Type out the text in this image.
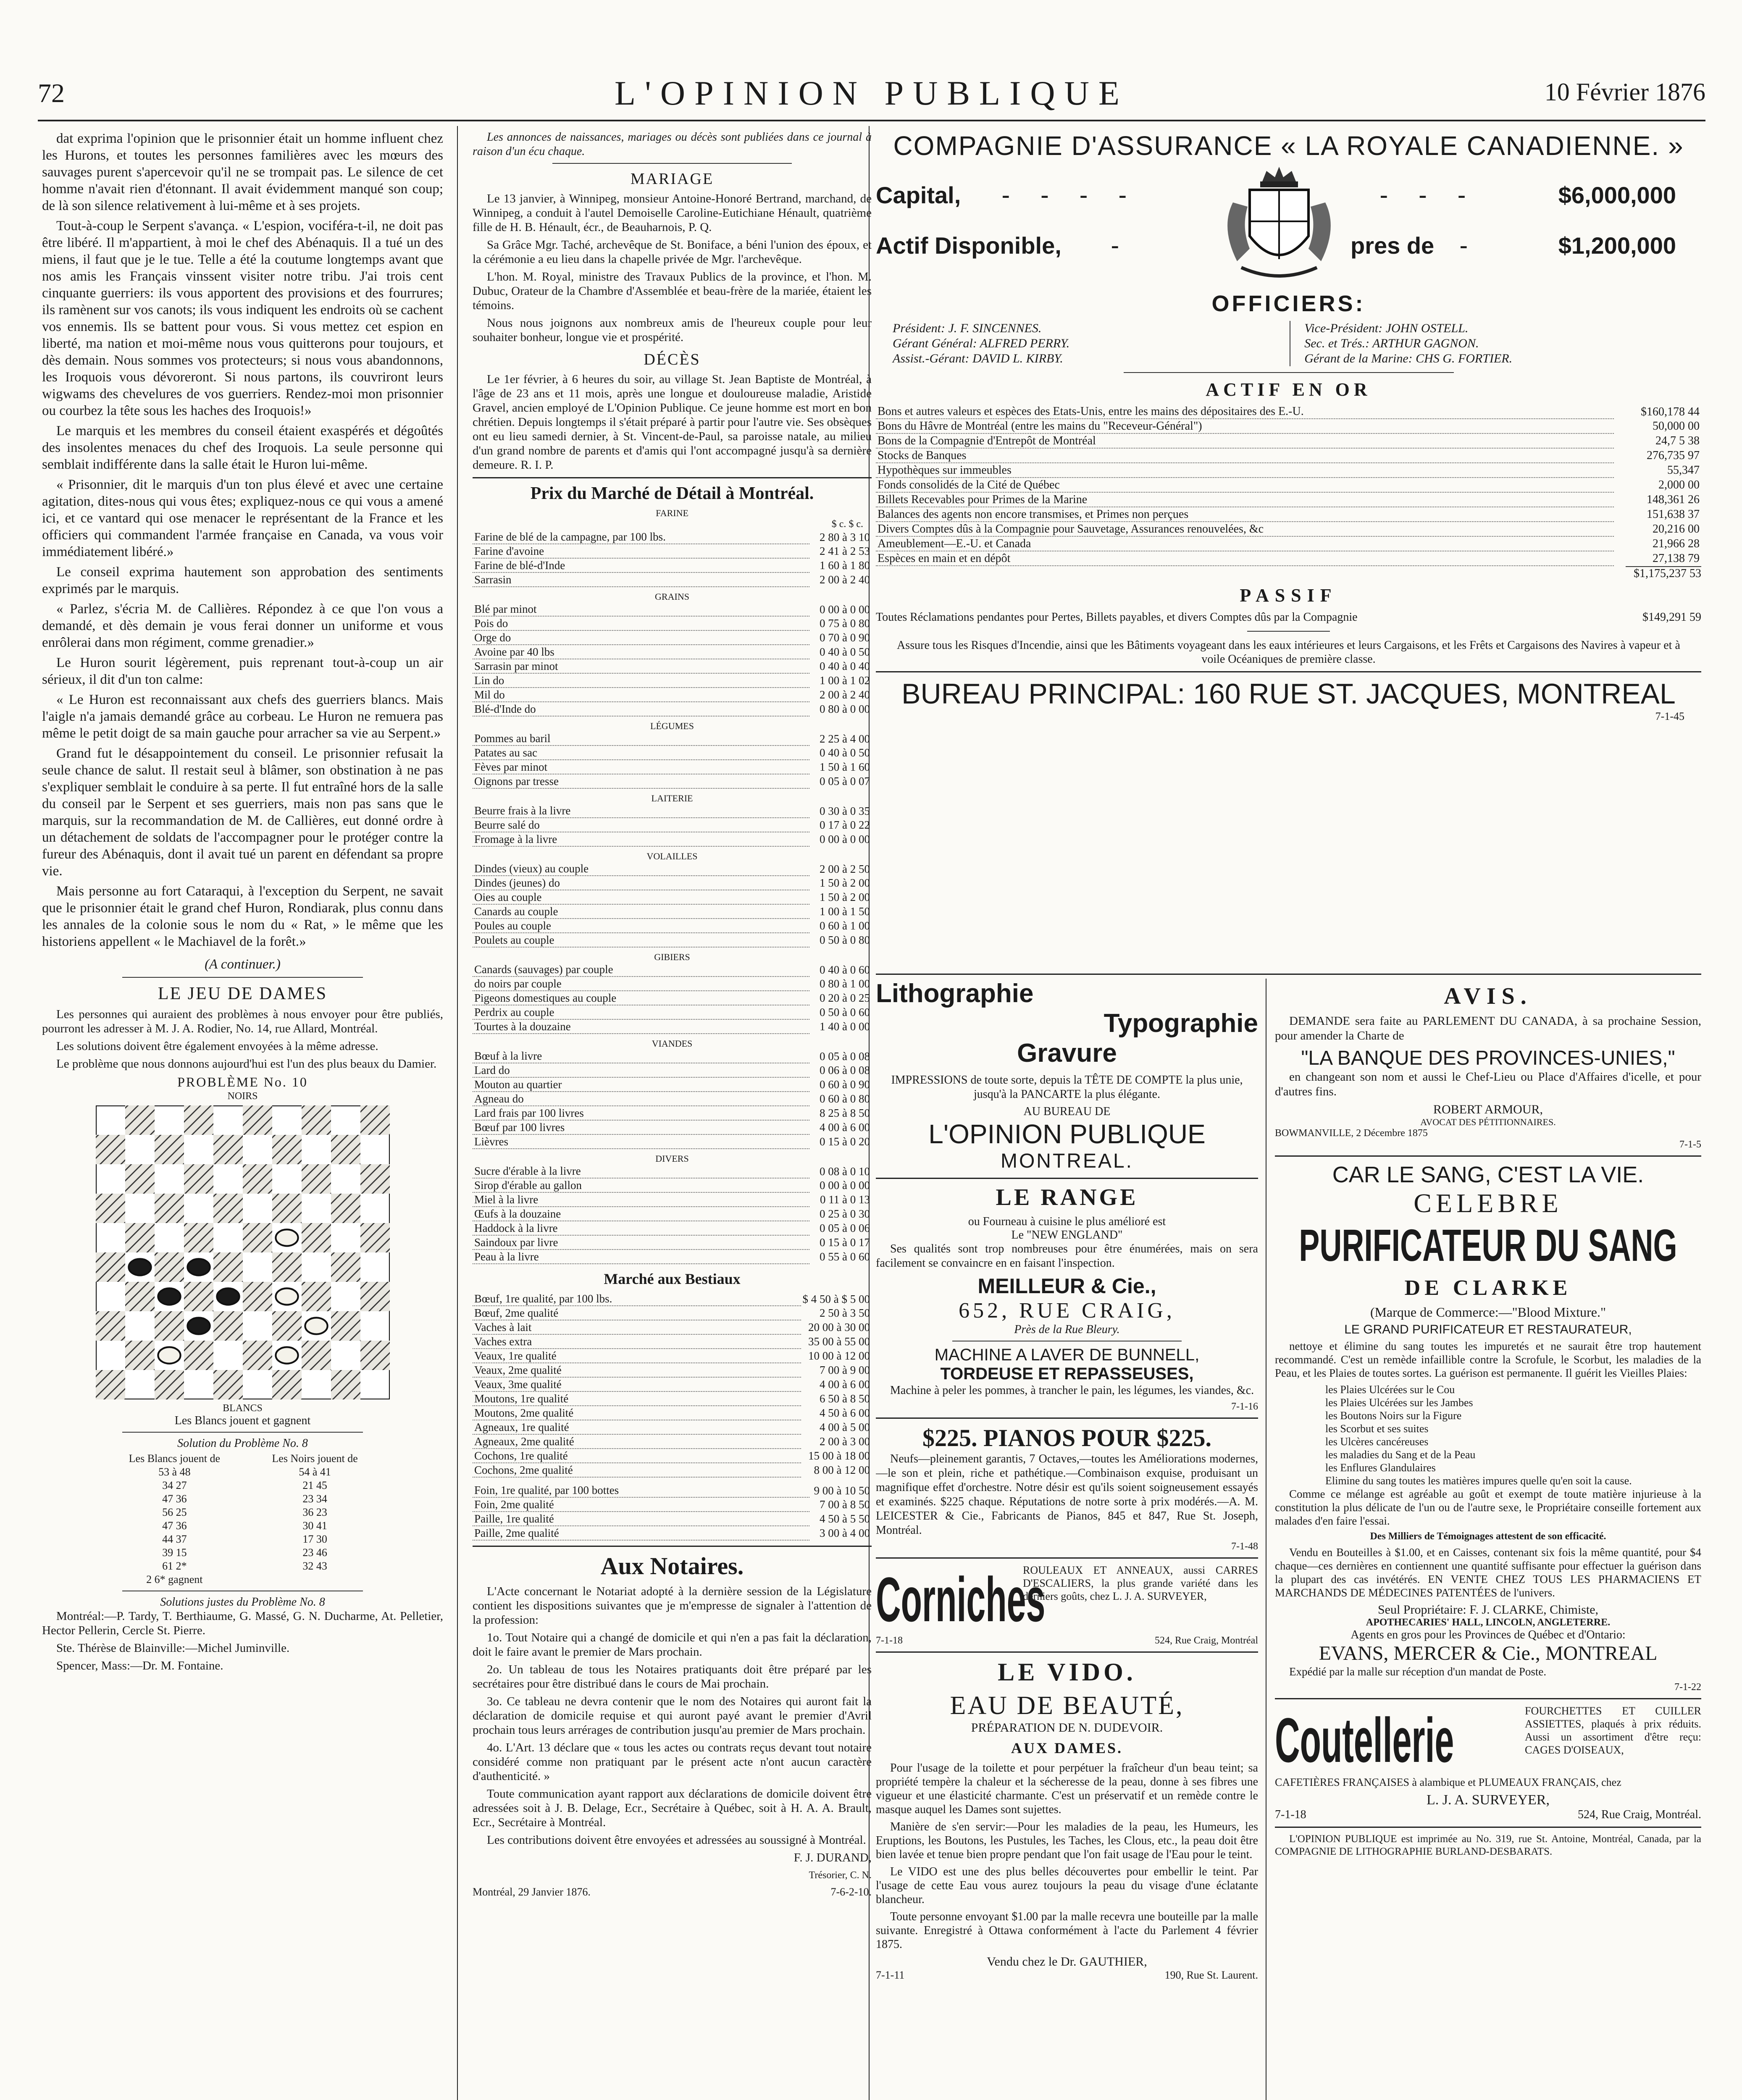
72	L'OPINION PUBLIQUE	10 Février 1876

dat exprima l'opinion que le prisonnier était un homme influent chez les Hurons, et toutes les personnes familières avec les mœurs des sauvages purent s'apercevoir qu'il ne se trompait pas. Le silence de cet homme n'avait rien d'étonnant. Il avait évidemment manqué son coup; de là son silence relativement à lui-même et à ses projets.

Tout-à-coup le Serpent s'avança. « L'espion, vociféra-t-il, ne doit pas être libéré. Il m'appartient, à moi le chef des Abénaquis. Il a tué un des miens, il faut que je le tue. Telle a été la coutume longtemps avant que nos amis les Français vinssent visiter notre tribu. J'ai trois cent cinquante guerriers: ils vous apportent des provisions et des fourrures; ils ramènent sur vos canots; ils vous indiquent les endroits où se cachent vos ennemis. Ils se battent pour vous. Si vous mettez cet espion en liberté, ma nation et moi-même nous vous quitterons pour toujours, et dès demain. Nous sommes vos protecteurs; si nous vous abandonnons, les Iroquois vous dévoreront. Si nous partons, ils couvriront leurs wigwams des chevelures de vos guerriers. Rendez-moi mon prisonnier ou courbez la tête sous les haches des Iroquois!»

Le marquis et les membres du conseil étaient exaspérés et dégoûtés des insolentes menaces du chef des Iroquois. La seule personne qui semblait indifférente dans la salle était le Huron lui-même.

« Prisonnier, dit le marquis d'un ton plus élevé et avec une certaine agitation, dites-nous qui vous êtes; expliquez-nous ce qui vous a amené ici, et ce vantard qui ose menacer le représentant de la France et les officiers qui commandent l'armée française en Canada, va vous voir immédiatement libéré.»

Le conseil exprima hautement son approbation des sentiments exprimés par le marquis.

« Parlez, s'écria M. de Callières. Répondez à ce que l'on vous a demandé, et dès demain je vous ferai donner un uniforme et vous enrôlerai dans mon régiment, comme grenadier.»

Le Huron sourit légèrement, puis reprenant tout-à-coup un air sérieux, il dit d'un ton calme:

« Le Huron est reconnaissant aux chefs des guerriers blancs. Mais l'aigle n'a jamais demandé grâce au corbeau. Le Huron ne remuera pas même le petit doigt de sa main gauche pour arracher sa vie au Serpent.»

Grand fut le désappointement du conseil. Le prisonnier refusait la seule chance de salut. Il restait seul à blâmer, son obstination à ne pas s'expliquer semblait le conduire à sa perte. Il fut entraîné hors de la salle du conseil par le Serpent et ses guerriers, mais non pas sans que le marquis, sur la recommandation de M. de Callières, eut donné ordre à un détachement de soldats de l'accompagner pour le protéger contre la fureur des Abénaquis, dont il avait tué un parent en défendant sa propre vie.

Mais personne au fort Cataraqui, à l'exception du Serpent, ne savait que le prisonnier était le grand chef Huron, Rondiarak, plus connu dans les annales de la colonie sous le nom du « Rat, » le même que les historiens appellent « le Machiavel de la forêt.»

(A continuer.)

LE JEU DE DAMES

Les personnes qui auraient des problèmes à nous envoyer pour être publiés, pourront les adresser à M. J. A. Rodier, No. 14, rue Allard, Montréal.

Les solutions doivent être également envoyées à la même adresse.

Le problème que nous donnons aujourd'hui est l'un des plus beaux du Damier.

PROBLÈME No. 10
NOIRS
BLANCS
Les Blancs jouent et gagnent
Solution du Problème No. 8
Les Blancs jouent de	Les Noirs jouent de
53 à 48	54 à 41
34 27	21 45
47 36	23 34
56 25	36 23
47 36	30 41
44 37	17 30
39 15	23 46
61 2*	32 43
2 6* gagnent	
Solutions justes du Problème No. 8

Montréal:—P. Tardy, T. Berthiaume, G. Massé, G. N. Ducharme, At. Pelletier, Hector Pellerin, Cercle St. Pierre.

Ste. Thérèse de Blainville:—Michel Juminville.

Spencer, Mass:—Dr. M. Fontaine.

Les annonces de naissances, mariages ou décès sont publiées dans ce journal à raison d'un écu chaque.

MARIAGE

Le 13 janvier, à Winnipeg, monsieur Antoine-Honoré Bertrand, marchand, de Winnipeg, a conduit à l'autel Demoiselle Caroline-Eutichiane Hénault, quatrième fille de H. B. Hénault, écr., de Beauharnois, P. Q.

Sa Grâce Mgr. Taché, archevêque de St. Boniface, a béni l'union des époux, et la cérémonie a eu lieu dans la chapelle privée de Mgr. l'archevêque.

L'hon. M. Royal, ministre des Travaux Publics de la province, et l'hon. M. Dubuc, Orateur de la Chambre d'Assemblée et beau-frère de la mariée, étaient les témoins.

Nous nous joignons aux nombreux amis de l'heureux couple pour leur souhaiter bonheur, longue vie et prospérité.

DÉCÈS

Le 1er février, à 6 heures du soir, au village St. Jean Baptiste de Montréal, à l'âge de 23 ans et 11 mois, après une longue et douloureuse maladie, Aristide Gravel, ancien employé de L'Opinion Publique. Ce jeune homme est mort en bon chrétien. Depuis longtemps il s'était préparé à partir pour l'autre vie. Ses obsèques ont eu lieu samedi dernier, à St. Vincent-de-Paul, sa paroisse natale, au milieu d'un grand nombre de parents et d'amis qui l'ont accompagné jusqu'à sa dernière demeure. R. I. P.

Prix du Marché de Détail à Montréal.
FARINE
$ c. $ c.
Farine de blé de la campagne, par 100 lbs.	2 80 à 3 10
Farine d'avoine	2 41 à 2 53
Farine de blé-d'Inde	1 60 à 1 80
Sarrasin	2 00 à 2 40
GRAINS
Blé par minot	0 00 à 0 00
Pois do	0 75 à 0 80
Orge do	0 70 à 0 90
Avoine par 40 lbs	0 40 à 0 50
Sarrasin par minot	0 40 à 0 40
Lin do	1 00 à 1 02
Mil do	2 00 à 2 40
Blé-d'Inde do	0 80 à 0 00
LÉGUMES
Pommes au baril	2 25 à 4 00
Patates au sac	0 40 à 0 50
Fèves par minot	1 50 à 1 60
Oignons par tresse	0 05 à 0 07
LAITERIE
Beurre frais à la livre	0 30 à 0 35
Beurre salé do	0 17 à 0 22
Fromage à la livre	0 00 à 0 00
VOLAILLES
Dindes (vieux) au couple	2 00 à 2 50
Dindes (jeunes) do	1 50 à 2 00
Oies au couple	1 50 à 2 00
Canards au couple	1 00 à 1 50
Poules au couple	0 60 à 1 00
Poulets au couple	0 50 à 0 80
GIBIERS
Canards (sauvages) par couple	0 40 à 0 60
do noirs par couple	0 80 à 1 00
Pigeons domestiques au couple	0 20 à 0 25
Perdrix au couple	0 50 à 0 60
Tourtes à la douzaine	1 40 à 0 00
VIANDES
Bœuf à la livre	0 05 à 0 08
Lard do	0 06 à 0 08
Mouton au quartier	0 60 à 0 90
Agneau do	0 60 à 0 80
Lard frais par 100 livres	8 25 à 8 50
Bœuf par 100 livres	4 00 à 6 00
Lièvres	0 15 à 0 20
DIVERS
Sucre d'érable à la livre	0 08 à 0 10
Sirop d'érable au gallon	0 00 à 0 00
Miel à la livre	0 11 à 0 13
Œufs à la douzaine	0 25 à 0 30
Haddock à la livre	0 05 à 0 06
Saindoux par livre	0 15 à 0 17
Peau à la livre	0 55 à 0 60
Marché aux Bestiaux
Bœuf, 1re qualité, par 100 lbs.	$ 4 50 à $ 5 00
Bœuf, 2me qualité	2 50 à 3 50
Vaches à lait	20 00 à 30 00
Vaches extra	35 00 à 55 00
Veaux, 1re qualité	10 00 à 12 00
Veaux, 2me qualité	7 00 à 9 00
Veaux, 3me qualité	4 00 à 6 00
Moutons, 1re qualité	6 50 à 8 50
Moutons, 2me qualité	4 50 à 6 00
Agneaux, 1re qualité	4 00 à 5 00
Agneaux, 2me qualité	2 00 à 3 00
Cochons, 1re qualité	15 00 à 18 00
Cochons, 2me qualité	8 00 à 12 00
Foin, 1re qualité, par 100 bottes	9 00 à 10 50
Foin, 2me qualité	7 00 à 8 50
Paille, 1re qualité	4 50 à 5 50
Paille, 2me qualité	3 00 à 4 00
Aux Notaires.

L'Acte concernant le Notariat adopté à la dernière session de la Législature contient les dispositions suivantes que je m'empresse de signaler à l'attention de la profession:

1o. Tout Notaire qui a changé de domicile et qui n'en a pas fait la déclaration, doit le faire avant le premier de Mars prochain.

2o. Un tableau de tous les Notaires pratiquants doit être préparé par les secrétaires pour être distribué dans le cours de Mai prochain.

3o. Ce tableau ne devra contenir que le nom des Notaires qui auront fait la déclaration de domicile requise et qui auront payé avant le premier d'Avril prochain tous leurs arrérages de contribution jusqu'au premier de Mars prochain.

4o. L'Art. 13 déclare que « tous les actes ou contrats reçus devant tout notaire considéré comme non pratiquant par le présent acte n'ont aucun caractère d'authenticité. »

Toute communication ayant rapport aux déclarations de domicile doivent être adressées soit à J. B. Delage, Ecr., Secrétaire à Québec, soit à H. A. A. Brault, Ecr., Secrétaire à Montréal.

Les contributions doivent être envoyées et adressées au soussigné à Montréal.

F. J. DURAND,

Trésorier, C. N.

Montréal, 29 Janvier 1876.	7-6-2-10.
COMPAGNIE D'ASSURANCE « LA ROYALE CANADIENNE. »
Capital, - - - -	- - -	$6,000,000
Actif Disponible, -	pres de -	$1,200,000
OFFICIERS:
Président: J. F. SINCENNES.
Gérant Général: ALFRED PERRY.
Assist.-Gérant: DAVID L. KIRBY.
Vice-Président: JOHN OSTELL.
Sec. et Trés.: ARTHUR GAGNON.
Gérant de la Marine: CHS G. FORTIER.
ACTIF EN OR
Bons et autres valeurs et espèces des Etats-Unis, entre les mains des dépositaires des E.-U.	$160,178 44
Bons du Hâvre de Montréal (entre les mains du "Receveur-Général")	50,000 00
Bons de la Compagnie d'Entrepôt de Montréal	24,7 5 38
Stocks de Banques	276,735 97
Hypothèques sur immeubles	55,347
Fonds consolidés de la Cité de Québec	2,000 00
Billets Recevables pour Primes de la Marine	148,361 26
Balances des agents non encore transmises, et Primes non perçues	151,638 37
Divers Comptes dûs à la Compagnie pour Sauvetage, Assurances renouvelées, &c	20,216 00
Ameublement—E.-U. et Canada	21,966 28
Espèces en main et en dépôt	27,138 79
$1,175,237 53
PASSIF
Toutes Réclamations pendantes pour Pertes, Billets payables, et divers Comptes dûs par la Compagnie	$149,291 59

Assure tous les Risques d'Incendie, ainsi que les Bâtiments voyageant dans les eaux intérieures et leurs Cargaisons, et les Frêts et Cargaisons des Navires à vapeur et à voile Océaniques de première classe.

BUREAU PRINCIPAL: 160 RUE ST. JACQUES, MONTREAL
7-1-45
Lithographie
Typographie
Gravure

IMPRESSIONS de toute sorte, depuis la TÊTE DE COMPTE la plus unie, jusqu'à la PANCARTE la plus élégante.

AU BUREAU DE
L'OPINION PUBLIQUE
MONTREAL.
LE RANGE
ou Fourneau à cuisine le plus amélioré est
Le "NEW ENGLAND"

Ses qualités sont trop nombreuses pour être énumérées, mais on sera facilement se convaincre en en faisant l'inspection.

MEILLEUR & Cie.,
652, RUE CRAIG,
Près de la Rue Bleury.
MACHINE A LAVER DE BUNNELL,
TORDEUSE ET REPASSEUSES,

Machine à peler les pommes, à trancher le pain, les légumes, les viandes, &c.

7-1-16
$225. PIANOS POUR $225.

Neufs—pleinement garantis, 7 Octaves,—toutes les Améliorations modernes,—le son et plein, riche et pathétique.—Combinaison exquise, produisant un magnifique effet d'orchestre. Notre désir est qu'ils soient soigneusement essayés et examinés. $225 chaque. Réputations de notre sorte à prix modérés.—A. M. LEICESTER & Cie., Fabricants de Pianos, 845 et 847, Rue St. Joseph, Montréal.

7-1-48
Corniches
ROULEAUX ET ANNEAUX, aussi CARRES D'ESCALIERS, la plus grande variété dans les derniers goûts, chez L. J. A. SURVEYER,
7-1-18	524, Rue Craig, Montréal
LE VIDO.
EAU DE BEAUTÉ,
PRÉPARATION DE N. DUDEVOIR.
AUX DAMES.

Pour l'usage de la toilette et pour perpétuer la fraîcheur d'un beau teint; sa propriété tempère la chaleur et la sécheresse de la peau, donne à ses fibres une vigueur et une élasticité charmante. C'est un préservatif et un remède contre le masque auquel les Dames sont sujettes.

Manière de s'en servir:—Pour les maladies de la peau, les Humeurs, les Eruptions, les Boutons, les Pustules, les Taches, les Clous, etc., la peau doit être bien lavée et tenue bien propre pendant que l'on fait usage de l'Eau pour le teint.

Le VIDO est une des plus belles découvertes pour embellir le teint. Par l'usage de cette Eau vous aurez toujours la peau du visage d'une éclatante blancheur.

Toute personne envoyant $1.00 par la malle recevra une bouteille par la malle suivante. Enregistré à Ottawa conformément à l'acte du Parlement 4 février 1875.

Vendu chez le Dr. GAUTHIER,
7-1-11	190, Rue St. Laurent.
AVIS.

DEMANDE sera faite au PARLEMENT DU CANADA, à sa prochaine Session, pour amender la Charte de

"LA BANQUE DES PROVINCES-UNIES,"

en changeant son nom et aussi le Chef-Lieu ou Place d'Affaires d'icelle, et pour d'autres fins.

ROBERT ARMOUR,
AVOCAT DES PÉTITIONNAIRES.
BOWMANVILLE, 2 Décembre 1875
7-1-5
CAR LE SANG, C'EST LA VIE.
CELEBRE
PURIFICATEUR DU SANG
DE CLARKE
(Marque de Commerce:—"Blood Mixture."
LE GRAND PURIFICATEUR ET RESTAURATEUR,

nettoye et élimine du sang toutes les impuretés et ne saurait être trop hautement recommandé. C'est un remède infaillible contre la Scrofule, le Scorbut, les maladies de la Peau, et les Plaies de toutes sortes. La guérison est permanente. Il guérit les Vieilles Plaies:

les Plaies Ulcérées sur le Cou
les Plaies Ulcérées sur les Jambes
les Boutons Noirs sur la Figure
les Scorbut et ses suites
les Ulcères cancéreuses
les maladies du Sang et de la Peau
les Enflures Glandulaires
Elimine du sang toutes les matières impures quelle qu'en soit la cause.

Comme ce mélange est agréable au goût et exempt de toute matière injurieuse à la constitution la plus délicate de l'un ou de l'autre sexe, le Propriétaire conseille fortement aux malades d'en faire l'essai.

Des Milliers de Témoignages attestent de son efficacité.

Vendu en Bouteilles à $1.00, et en Caisses, contenant six fois la même quantité, pour $4 chaque—ces dernières en contiennent une quantité suffisante pour effectuer la guérison dans la plupart des cas invétérés. EN VENTE CHEZ TOUS LES PHARMACIENS ET MARCHANDS DE MÉDECINES PATENTÉES de l'univers.

Seul Propriétaire: F. J. CLARKE, Chimiste,
APOTHECARIES' HALL, LINCOLN, ANGLETERRE.
Agents en gros pour les Provinces de Québec et d'Ontario:
EVANS, MERCER & Cie., MONTREAL

Expédié par la malle sur réception d'un mandat de Poste.

7-1-22
Coutellerie	FOURCHETTES ET CUILLER ASSIETTES, plaqués à prix réduits. Aussi un assortiment d'être reçu: CAGES D'OISEAUX,

CAFETIÈRES FRANÇAISES à alambique et PLUMEAUX FRANÇAIS, chez

L. J. A. SURVEYER,
7-1-18	524, Rue Craig, Montréal.

L'OPINION PUBLIQUE est imprimée au No. 319, rue St. Antoine, Montréal, Canada, par la COMPAGNIE DE LITHOGRAPHIE BURLAND-DESBARATS.
